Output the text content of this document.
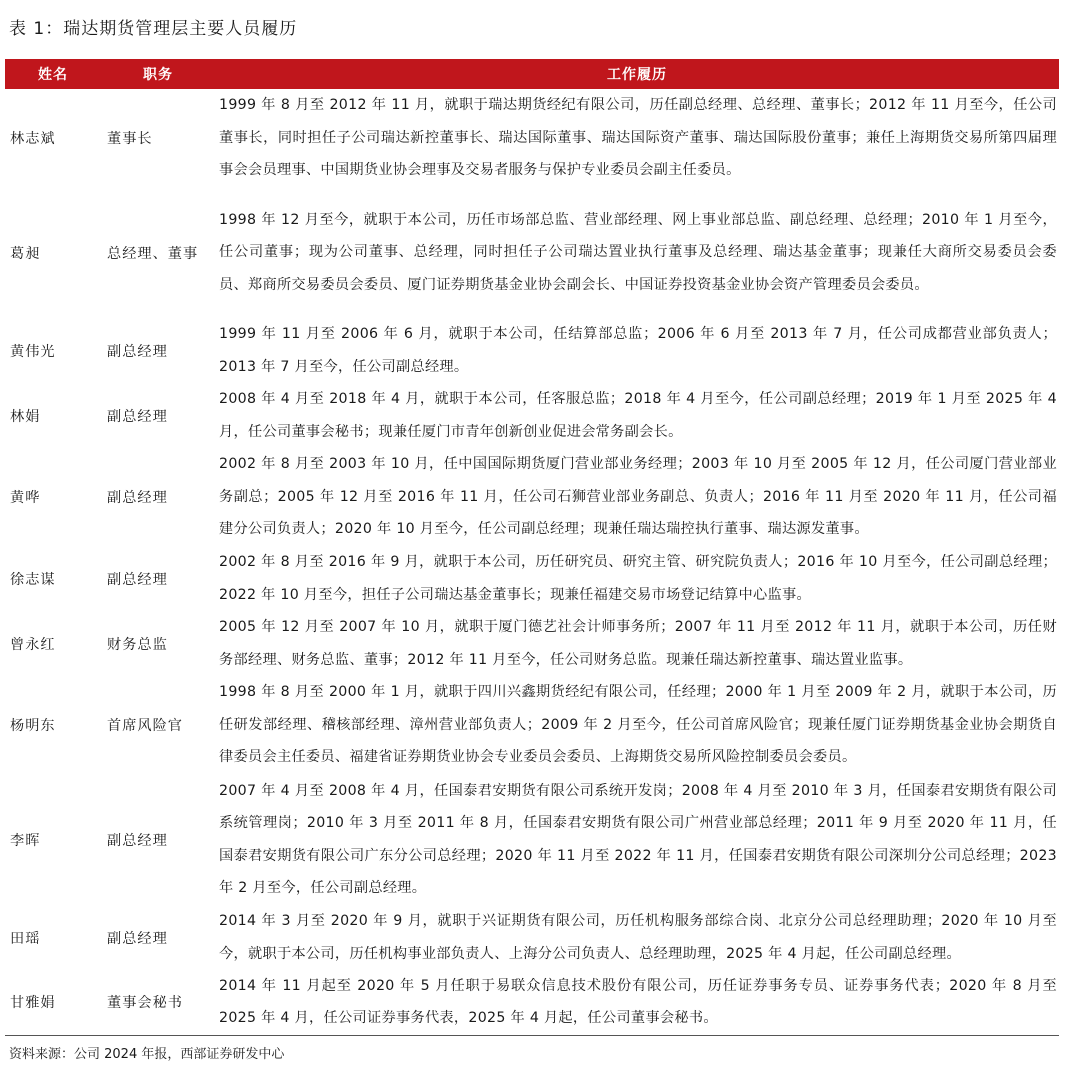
表 1：瑞达期货管理层主要人员履历
姓名	职务	工作履历
林志斌	董事长	1999 年 8 月至 2012 年 11 月，就职于瑞达期货经纪有限公司，历任副总经理、总经理、董事长；2012 年 11 月至今，任公司董事长，同时担任子公司瑞达新控董事长、瑞达国际董事、瑞达国际资产董事、瑞达国际股份董事；兼任上海期货交易所第四届理事会会员理事、中国期货业协会理事及交易者服务与保护专业委员会副主任委员。
葛昶	总经理、董事	1998 年 12 月至今，就职于本公司，历任市场部总监、营业部经理、网上事业部总监、副总经理、总经理；2010 年 1 月至今，任公司董事；现为公司董事、总经理，同时担任子公司瑞达置业执行董事及总经理、瑞达基金董事；现兼任大商所交易委员会委员、郑商所交易委员会委员、厦门证券期货基金业协会副会长、中国证券投资基金业协会资产管理委员会委员。
黄伟光	副总经理	1999 年 11 月至 2006 年 6 月，就职于本公司，任结算部总监；2006 年 6 月至 2013 年 7 月，任公司成都营业部负责人；2013 年 7 月至今，任公司副总经理。
林娟	副总经理	2008 年 4 月至 2018 年 4 月，就职于本公司，任客服总监；2018 年 4 月至今，任公司副总经理；2019 年 1 月至 2025 年 4 月，任公司董事会秘书；现兼任厦门市青年创新创业促进会常务副会长。
黄哗	副总经理	2002 年 8 月至 2003 年 10 月，任中国国际期货厦门营业部业务经理；2003 年 10 月至 2005 年 12 月，任公司厦门营业部业务副总；2005 年 12 月至 2016 年 11 月，任公司石狮营业部业务副总、负责人；2016 年 11 月至 2020 年 11 月，任公司福建分公司负责人；2020 年 10 月至今，任公司副总经理；现兼任瑞达瑞控执行董事、瑞达源发董事。
徐志谋	副总经理	2002 年 8 月至 2016 年 9 月，就职于本公司，历任研究员、研究主管、研究院负责人；2016 年 10 月至今，任公司副总经理；2022 年 10 月至今，担任子公司瑞达基金董事长；现兼任福建交易市场登记结算中心监事。
曾永红	财务总监	2005 年 12 月至 2007 年 10 月，就职于厦门德艺社会计师事务所；2007 年 11 月至 2012 年 11 月，就职于本公司，历任财务部经理、财务总监、董事；2012 年 11 月至今，任公司财务总监。现兼任瑞达新控董事、瑞达置业监事。
杨明东	首席风险官	1998 年 8 月至 2000 年 1 月，就职于四川兴鑫期货经纪有限公司，任经理；2000 年 1 月至 2009 年 2 月，就职于本公司，历任研发部经理、稽核部经理、漳州营业部负责人；2009 年 2 月至今，任公司首席风险官；现兼任厦门证券期货基金业协会期货自律委员会主任委员、福建省证券期货业协会专业委员会委员、上海期货交易所风险控制委员会委员。
李晖	副总经理	2007 年 4 月至 2008 年 4 月，任国泰君安期货有限公司系统开发岗；2008 年 4 月至 2010 年 3 月，任国泰君安期货有限公司系统管理岗；2010 年 3 月至 2011 年 8 月，任国泰君安期货有限公司广州营业部总经理；2011 年 9 月至 2020 年 11 月，任国泰君安期货有限公司广东分公司总经理；2020 年 11 月至 2022 年 11 月，任国泰君安期货有限公司深圳分公司总经理；2023 年 2 月至今，任公司副总经理。
田瑶	副总经理	2014 年 3 月至 2020 年 9 月，就职于兴证期货有限公司，历任机构服务部综合岗、北京分公司总经理助理；2020 年 10 月至今，就职于本公司，历任机构事业部负责人、上海分公司负责人、总经理助理，2025 年 4 月起，任公司副总经理。
甘雅娟	董事会秘书	2014 年 11 月起至 2020 年 5 月任职于易联众信息技术股份有限公司，历任证券事务专员、证券事务代表；2020 年 8 月至 2025 年 4 月，任公司证券事务代表，2025 年 4 月起，任公司董事会秘书。
资料来源：公司 2024 年报，西部证券研发中心
